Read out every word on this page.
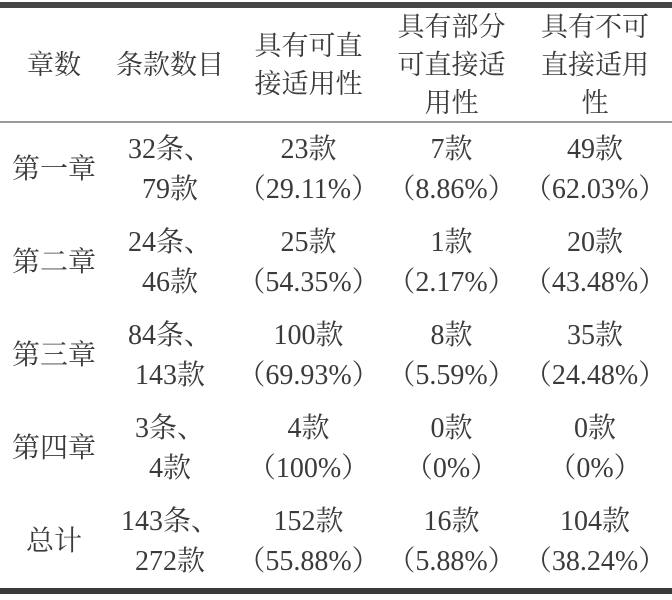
章数 条款数目
具有可直
接适用性
具有部分
可直接适
用性
具有不可
直接适用
性
第一章
32条、
79款
23款
（29.11%）
7款
（8.86%）
49款
（62.03%）
第二章
24条、
46款
25款
（54.35%）
1款
（2.17%）
20款
（43.48%）
第三章
84条、
143款
100款
（69.93%）
8款
（5.59%）
35款
（24.48%）
第四章
3条、
4款
4款
（100%）
0款
（0%）
0款
（0%）
总计
143条、
272款
152款
（55.88%）
16款
（5.88%）
104款
（38.24%）
